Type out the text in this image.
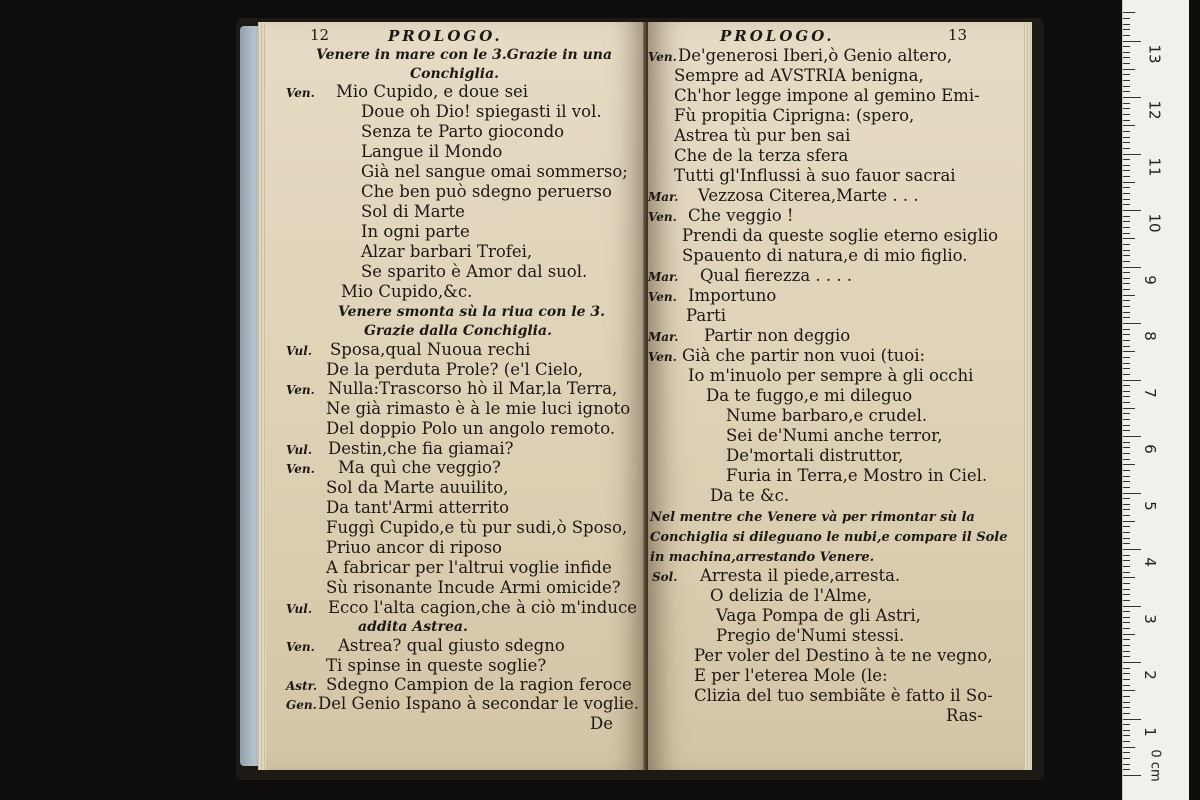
12	PROLOGO.
Venere in mare con le 3.Grazie in una
Conchiglia.
Ven. Mio Cupido, e doue sei
Doue oh Dio! spiegasti il vol.
Senza te Parto giocondo
Langue il Mondo
Già nel sangue omai sommerso;
Che ben può sdegno peruerso
Sol di Marte
In ogni parte
Alzar barbari Trofei,
Se sparito è Amor dal suol.
Mio Cupido,&c.
Venere smonta sù la riua con le 3.
Grazie dalla Conchiglia.
Vul. Sposa,qual Nuoua rechi
De la perduta Prole? (e'l Cielo,
Ven. Nulla:Trascorso hò il Mar,la Terra,
Ne già rimasto è à le mie luci ignoto
Del doppio Polo un angolo remoto.
Vul. Destin,che fia giamai?
Ven. Ma quì che veggio?
Sol da Marte auuilito,
Da tant'Armi atterrito
Fuggì Cupido,e tù pur sudi,ò Sposo,
Priuo ancor di riposo
A fabricar per l'altrui voglie infide
Sù risonante Incude Armi omicide?
Vul. Ecco l'alta cagion,che à ciò m'induce
addita Astrea.
Ven. Astrea? qual giusto sdegno
Ti spinse in queste soglie?
Astr. Sdegno Campion de la ragion feroce
Gen. Del Genio Ispano à secondar le voglie.
De
PROLOGO.	13
Ven. De'generosi Iberi,ò Genio altero,
Sempre ad AVSTRIA benigna,
Ch'hor legge impone al gemino Emi-
Fù propitia Ciprigna: (spero,
Astrea tù pur ben sai
Che de la terza sfera
Tutti gl'Influssi à suo fauor sacrai
Mar. Vezzosa Citerea,Marte . . .
Ven. Che veggio !
Prendi da queste soglie eterno esiglio
Spauento di natura,e di mio figlio.
Mar. Qual fierezza . . . .
Ven. Importuno
Parti
Mar. Partir non deggio
Ven. Già che partir non vuoi (tuoi:
Io m'inuolo per sempre à gli occhi
Da te fuggo,e mi dileguo
Nume barbaro,e crudel.
Sei de'Numi anche terror,
De'mortali distruttor,
Furia in Terra,e Mostro in Ciel.
Da te &c.
Nel mentre che Venere và per rimontar sù la
Conchiglia si dileguano le nubi,e compare il Sole
in machina,arrestando Venere.
Sol. Arresta il piede,arresta.
O delizia de l'Alme,
Vaga Pompa de gli Astri,
Pregio de'Numi stessi.
Per voler del Destino à te ne vegno,
E per l'eterea Mole (le:
Clizia del tuo sembiãte è fatto il So-
Ras-
0 cm
1
2
3
4
5
6
7
8
9
10
11
12
13
